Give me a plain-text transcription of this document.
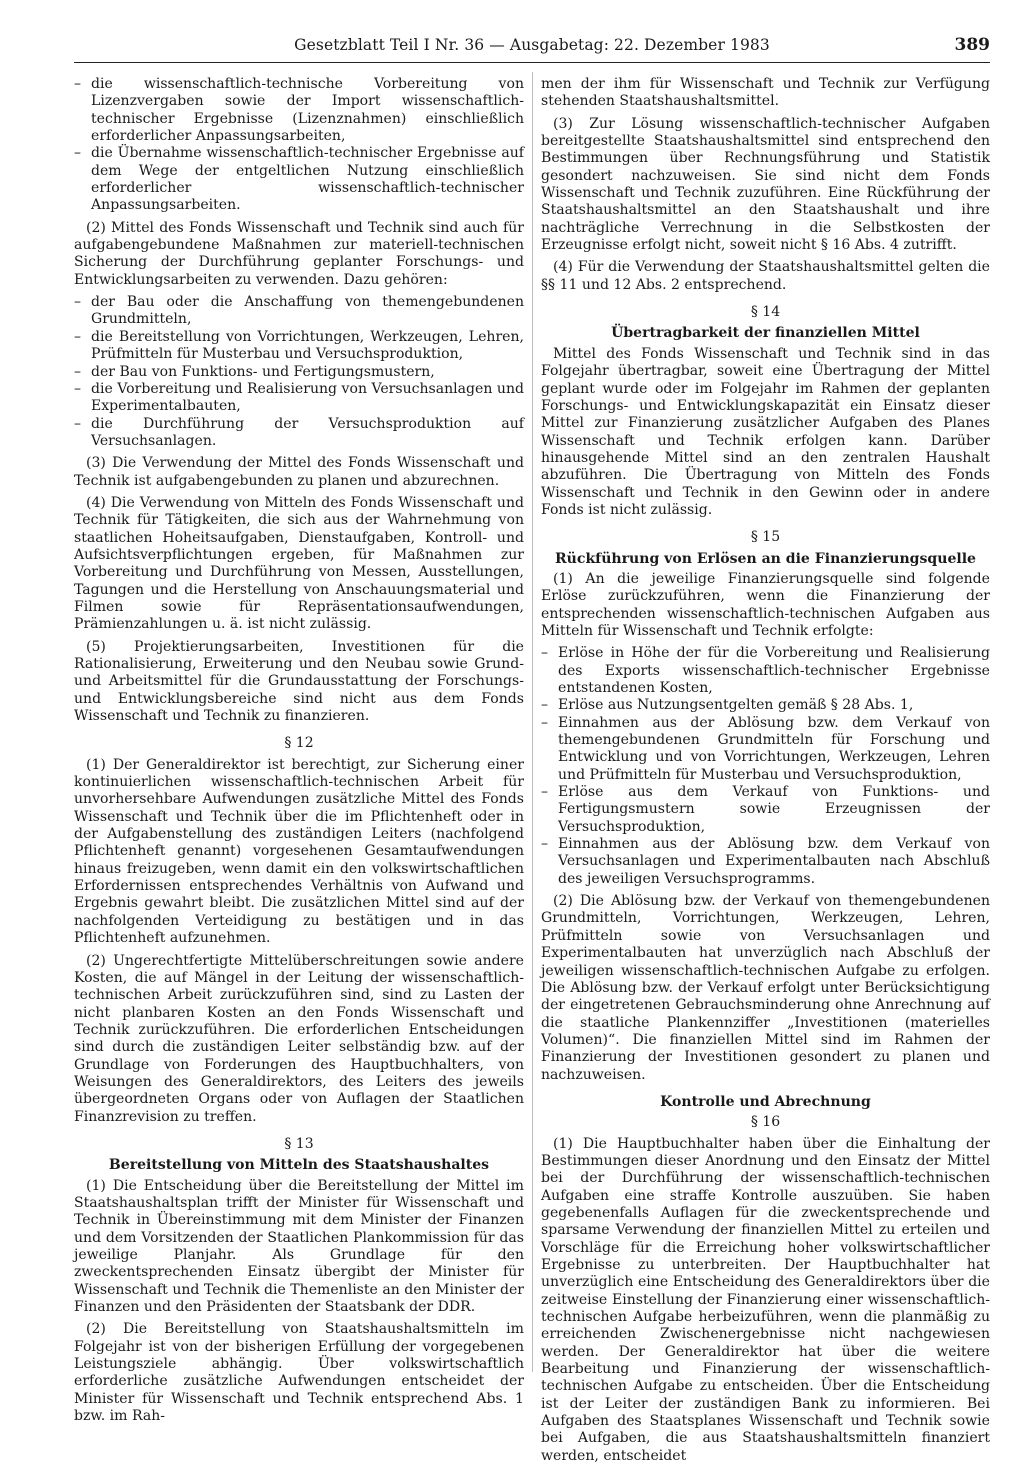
Gesetzblatt Teil I Nr. 36 — Ausgabetag: 22. Dezember 1983	389
– die wissenschaftlich-technische Vorbereitung von Lizenzvergaben sowie der Import wissenschaftlich-technischer Ergebnisse (Lizenznahmen) einschließlich erforderlicher Anpassungsarbeiten,
– die Übernahme wissenschaftlich-technischer Ergebnisse auf dem Wege der entgeltlichen Nutzung einschließlich erforderlicher wissenschaftlich-technischer Anpassungsarbeiten.
(2) Mittel des Fonds Wissenschaft und Technik sind auch für aufgabengebundene Maßnahmen zur materiell-technischen Sicherung der Durchführung geplanter Forschungs- und Entwicklungsarbeiten zu verwenden. Dazu gehören:
– der Bau oder die Anschaffung von themengebundenen Grundmitteln,
– die Bereitstellung von Vorrichtungen, Werkzeugen, Lehren, Prüfmitteln für Musterbau und Versuchsproduktion,
– der Bau von Funktions- und Fertigungsmustern,
– die Vorbereitung und Realisierung von Versuchsanlagen und Experimentalbauten,
– die Durchführung der Versuchsproduktion auf Versuchsanlagen.
(3) Die Verwendung der Mittel des Fonds Wissenschaft und Technik ist aufgabengebunden zu planen und abzurechnen.
(4) Die Verwendung von Mitteln des Fonds Wissenschaft und Technik für Tätigkeiten, die sich aus der Wahrnehmung von staatlichen Hoheitsaufgaben, Dienstaufgaben, Kontroll- und Aufsichtsverpflichtungen ergeben, für Maßnahmen zur Vorbereitung und Durchführung von Messen, Ausstellungen, Tagungen und die Herstellung von Anschauungsmaterial und Filmen sowie für Repräsentationsaufwendungen, Prämienzahlungen u. ä. ist nicht zulässig.
(5) Projektierungsarbeiten, Investitionen für die Rationalisierung, Erweiterung und den Neubau sowie Grund- und Arbeitsmittel für die Grundausstattung der Forschungs- und Entwicklungsbereiche sind nicht aus dem Fonds Wissenschaft und Technik zu finanzieren.
§ 12
(1) Der Generaldirektor ist berechtigt, zur Sicherung einer kontinuierlichen wissenschaftlich-technischen Arbeit für unvorhersehbare Aufwendungen zusätzliche Mittel des Fonds Wissenschaft und Technik über die im Pflichtenheft oder in der Aufgabenstellung des zuständigen Leiters (nachfolgend Pflichtenheft genannt) vorgesehenen Gesamtaufwendungen hinaus freizugeben, wenn damit ein den volkswirtschaftlichen Erfordernissen entsprechendes Verhältnis von Aufwand und Ergebnis gewahrt bleibt. Die zusätzlichen Mittel sind auf der nachfolgenden Verteidigung zu bestätigen und in das Pflichtenheft aufzunehmen.
(2) Ungerechtfertigte Mittelüberschreitungen sowie andere Kosten, die auf Mängel in der Leitung der wissenschaftlich-technischen Arbeit zurückzuführen sind, sind zu Lasten der nicht planbaren Kosten an den Fonds Wissenschaft und Technik zurückzuführen. Die erforderlichen Entscheidungen sind durch die zuständigen Leiter selbständig bzw. auf der Grundlage von Forderungen des Hauptbuchhalters, von Weisungen des Generaldirektors, des Leiters des jeweils übergeordneten Organs oder von Auflagen der Staatlichen Finanzrevision zu treffen.
§ 13
Bereitstellung von Mitteln des Staatshaushaltes
(1) Die Entscheidung über die Bereitstellung der Mittel im Staatshaushaltsplan trifft der Minister für Wissenschaft und Technik in Übereinstimmung mit dem Minister der Finanzen und dem Vorsitzenden der Staatlichen Plankommission für das jeweilige Planjahr. Als Grundlage für den zweckentsprechenden Einsatz übergibt der Minister für Wissenschaft und Technik die Themenliste an den Minister der Finanzen und den Präsidenten der Staatsbank der DDR.
(2) Die Bereitstellung von Staatshaushaltsmitteln im Folgejahr ist von der bisherigen Erfüllung der vorgegebenen Leistungsziele abhängig. Über volkswirtschaftlich erforderliche zusätzliche Aufwendungen entscheidet der Minister für Wissenschaft und Technik entsprechend Abs. 1 bzw. im Rah-
men der ihm für Wissenschaft und Technik zur Verfügung stehenden Staatshaushaltsmittel.
(3) Zur Lösung wissenschaftlich-technischer Aufgaben bereitgestellte Staatshaushaltsmittel sind entsprechend den Bestimmungen über Rechnungsführung und Statistik gesondert nachzuweisen. Sie sind nicht dem Fonds Wissenschaft und Technik zuzuführen. Eine Rückführung der Staatshaushaltsmittel an den Staatshaushalt und ihre nachträgliche Verrechnung in die Selbstkosten der Erzeugnisse erfolgt nicht, soweit nicht § 16 Abs. 4 zutrifft.
(4) Für die Verwendung der Staatshaushaltsmittel gelten die §§ 11 und 12 Abs. 2 entsprechend.
§ 14
Übertragbarkeit der finanziellen Mittel
Mittel des Fonds Wissenschaft und Technik sind in das Folgejahr übertragbar, soweit eine Übertragung der Mittel geplant wurde oder im Folgejahr im Rahmen der geplanten Forschungs- und Entwicklungskapazität ein Einsatz dieser Mittel zur Finanzierung zusätzlicher Aufgaben des Planes Wissenschaft und Technik erfolgen kann. Darüber hinausgehende Mittel sind an den zentralen Haushalt abzuführen. Die Übertragung von Mitteln des Fonds Wissenschaft und Technik in den Gewinn oder in andere Fonds ist nicht zulässig.
§ 15
Rückführung von Erlösen an die Finanzierungsquelle
(1) An die jeweilige Finanzierungsquelle sind folgende Erlöse zurückzuführen, wenn die Finanzierung der entsprechenden wissenschaftlich-technischen Aufgaben aus Mitteln für Wissenschaft und Technik erfolgte:
– Erlöse in Höhe der für die Vorbereitung und Realisierung des Exports wissenschaftlich-technischer Ergebnisse entstandenen Kosten,
– Erlöse aus Nutzungsentgelten gemäß § 28 Abs. 1,
– Einnahmen aus der Ablösung bzw. dem Verkauf von themengebundenen Grundmitteln für Forschung und Entwicklung und von Vorrichtungen, Werkzeugen, Lehren und Prüfmitteln für Musterbau und Versuchsproduktion,
– Erlöse aus dem Verkauf von Funktions- und Fertigungsmustern sowie Erzeugnissen der Versuchsproduktion,
– Einnahmen aus der Ablösung bzw. dem Verkauf von Versuchsanlagen und Experimentalbauten nach Abschluß des jeweiligen Versuchsprogramms.
(2) Die Ablösung bzw. der Verkauf von themengebundenen Grundmitteln, Vorrichtungen, Werkzeugen, Lehren, Prüfmitteln sowie von Versuchsanlagen und Experimentalbauten hat unverzüglich nach Abschluß der jeweiligen wissenschaftlich-technischen Aufgabe zu erfolgen. Die Ablösung bzw. der Verkauf erfolgt unter Berücksichtigung der eingetretenen Gebrauchsminderung ohne Anrechnung auf die staatliche Plankennziffer „Investitionen (materielles Volumen)“. Die finanziellen Mittel sind im Rahmen der Finanzierung der Investitionen gesondert zu planen und nachzuweisen.
Kontrolle und Abrechnung
§ 16
(1) Die Hauptbuchhalter haben über die Einhaltung der Bestimmungen dieser Anordnung und den Einsatz der Mittel bei der Durchführung der wissenschaftlich-technischen Aufgaben eine straffe Kontrolle auszuüben. Sie haben gegebenenfalls Auflagen für die zweckentsprechende und sparsame Verwendung der finanziellen Mittel zu erteilen und Vorschläge für die Erreichung hoher volkswirtschaftlicher Ergebnisse zu unterbreiten. Der Hauptbuchhalter hat unverzüglich eine Entscheidung des Generaldirektors über die zeitweise Einstellung der Finanzierung einer wissenschaftlich-technischen Aufgabe herbeizuführen, wenn die planmäßig zu erreichenden Zwischenergebnisse nicht nachgewiesen werden. Der Generaldirektor hat über die weitere Bearbeitung und Finanzierung der wissenschaftlich-technischen Aufgabe zu entscheiden. Über die Entscheidung ist der Leiter der zuständigen Bank zu informieren. Bei Aufgaben des Staatsplanes Wissenschaft und Technik sowie bei Aufgaben, die aus Staatshaushaltsmitteln finanziert werden, entscheidet
